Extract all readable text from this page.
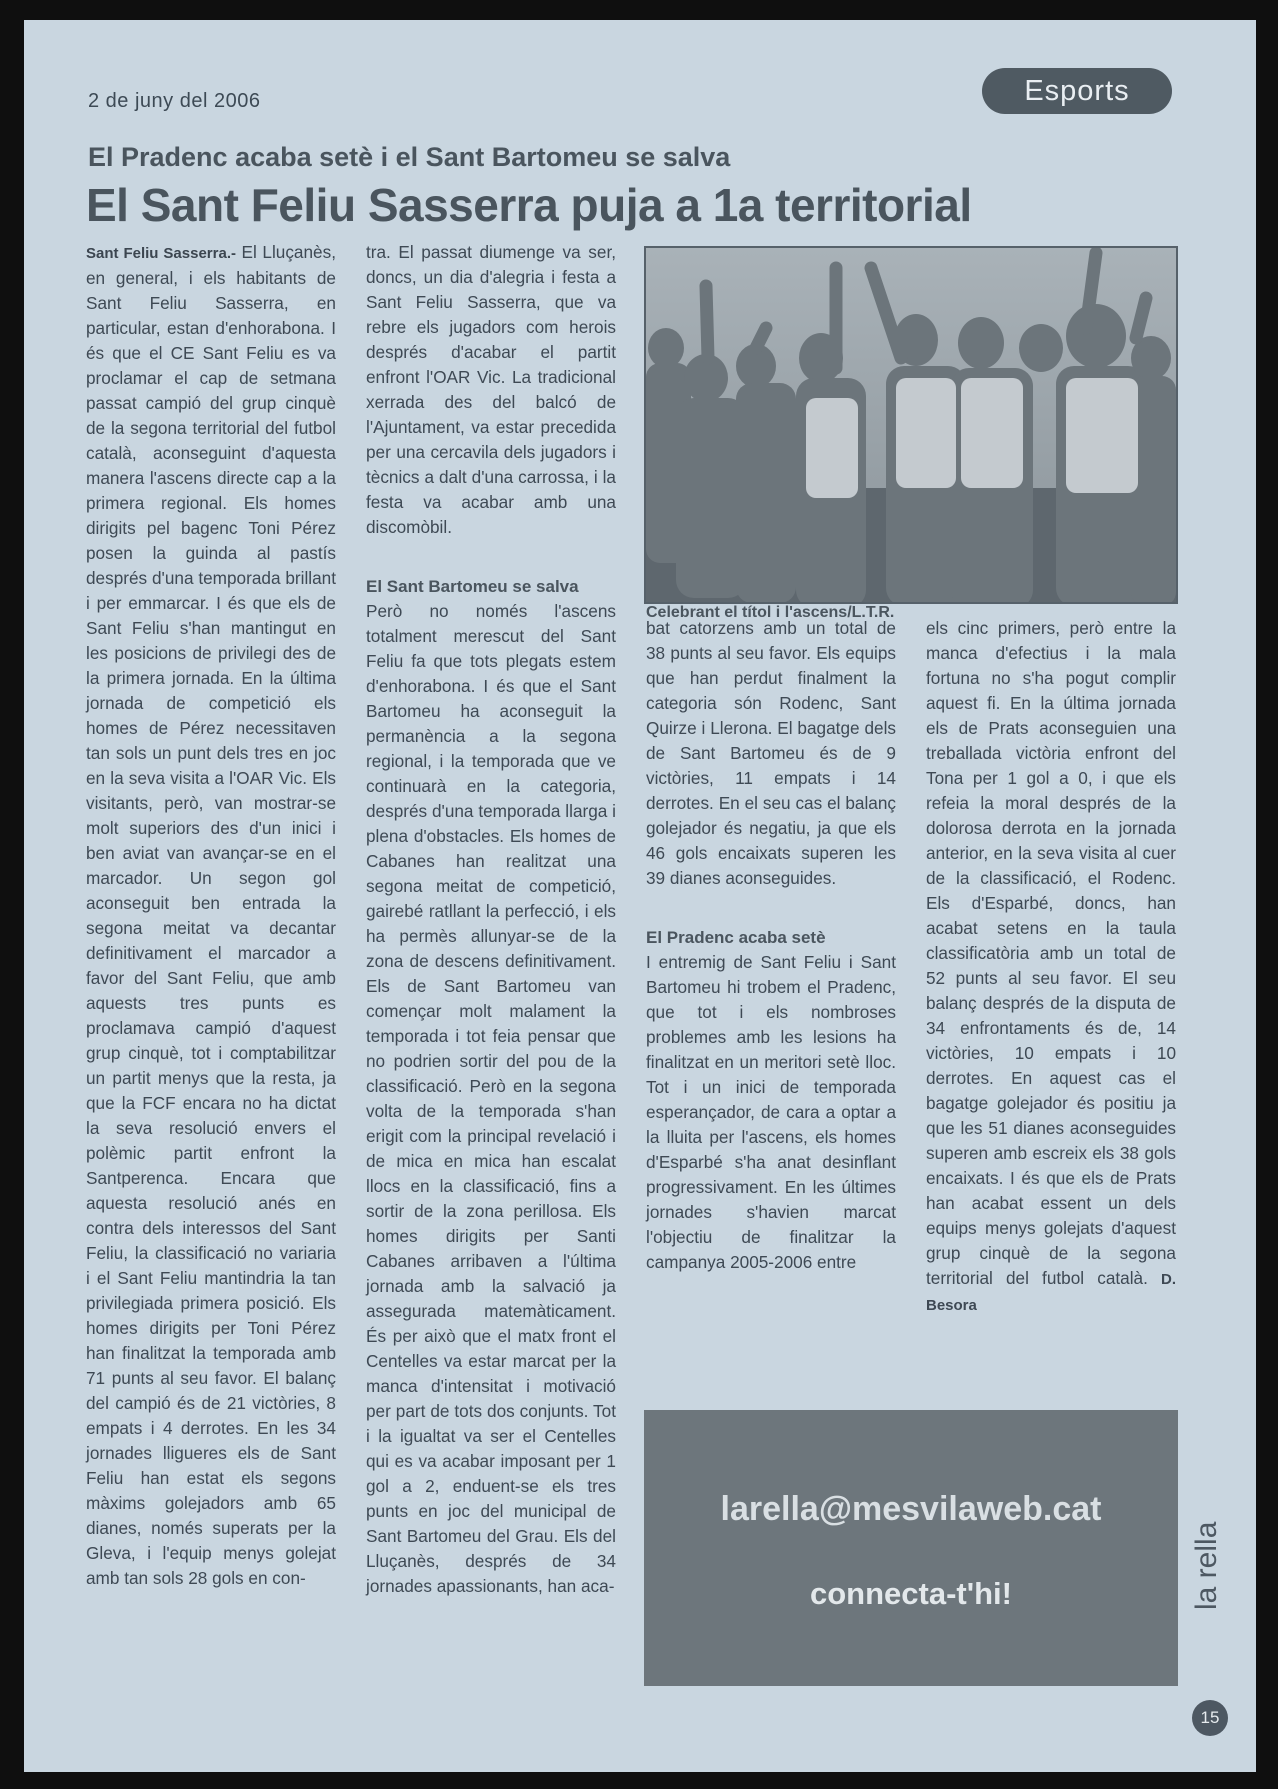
2 de juny del 2006	Esports
El Pradenc acaba setè i el Sant Bartomeu se salva
El Sant Feliu Sasserra puja a 1a territorial

Sant Feliu Sasserra.- El Lluçanès, en general, i els habitants de Sant Feliu Sasserra, en particular, estan d'enhorabona. I és que el CE Sant Feliu es va proclamar el cap de setmana passat campió del grup cinquè de la segona territorial del futbol català, aconseguint d'aquesta manera l'ascens directe cap a la primera regional. Els homes dirigits pel bagenc Toni Pérez posen la guinda al pastís després d'una temporada brillant i per emmarcar. I és que els de Sant Feliu s'han mantingut en les posicions de privilegi des de la primera jornada. En la última jornada de competició els homes de Pérez necessitaven tan sols un punt dels tres en joc en la seva visita a l'OAR Vic. Els visitants, però, van mostrar-se molt superiors des d'un inici i ben aviat van avançar-se en el marcador. Un segon gol aconseguit ben entrada la segona meitat va decantar definitivament el marcador a favor del Sant Feliu, que amb aquests tres punts es proclamava campió d'aquest grup cinquè, tot i comptabilitzar un partit menys que la resta, ja que la FCF encara no ha dictat la seva resolució envers el polèmic partit enfront la Santperenca. Encara que aquesta resolució anés en contra dels interessos del Sant Feliu, la classificació no variaria i el Sant Feliu mantindria la tan privilegiada primera posició. Els homes dirigits per Toni Pérez han finalitzat la temporada amb 71 punts al seu favor. El balanç del campió és de 21 victòries, 8 empats i 4 derrotes. En les 34 jornades lligueres els de Sant Feliu han estat els segons màxims golejadors amb 65 dianes, només superats per la Gleva, i l'equip menys golejat amb tan sols 28 gols en con-

tra. El passat diumenge va ser, doncs, un dia d'alegria i festa a Sant Feliu Sasserra, que va rebre els jugadors com herois després d'acabar el partit enfront l'OAR Vic. La tradicional xerrada des del balcó de l'Ajuntament, va estar precedida per una cercavila dels jugadors i tècnics a dalt d'una carrossa, i la festa va acabar amb una discomòbil.

El Sant Bartomeu se salva

Però no només l'ascens totalment merescut del Sant Feliu fa que tots plegats estem d'enhorabona. I és que el Sant Bartomeu ha aconseguit la permanència a la segona regional, i la temporada que ve continuarà en la categoria, després d'una temporada llarga i plena d'obstacles. Els homes de Cabanes han realitzat una segona meitat de competició, gairebé ratllant la perfecció, i els ha permès allunyar-se de la zona de descens definitivament. Els de Sant Bartomeu van començar molt malament la temporada i tot feia pensar que no podrien sortir del pou de la classificació. Però en la segona volta de la temporada s'han erigit com la principal revelació i de mica en mica han escalat llocs en la classificació, fins a sortir de la zona perillosa. Els homes dirigits per Santi Cabanes arribaven a l'última jornada amb la salvació ja assegurada matemàticament. És per això que el matx front el Centelles va estar marcat per la manca d'intensitat i motivació per part de tots dos conjunts. Tot i la igualtat va ser el Centelles qui es va acabar imposant per 1 gol a 2, enduent-se els tres punts en joc del municipal de Sant Bartomeu del Grau. Els del Lluçanès, després de 34 jornades apassionants, han aca-

Celebrant el títol i l'ascens/L.T.R.

bat catorzens amb un total de 38 punts al seu favor. Els equips que han perdut finalment la categoria són Rodenc, Sant Quirze i Llerona. El bagatge dels de Sant Bartomeu és de 9 victòries, 11 empats i 14 derrotes. En el seu cas el balanç golejador és negatiu, ja que els 46 gols encaixats superen les 39 dianes aconseguides.

El Pradenc acaba setè

I entremig de Sant Feliu i Sant Bartomeu hi trobem el Pradenc, que tot i els nombroses problemes amb les lesions ha finalitzat en un meritori setè lloc. Tot i un inici de temporada esperançador, de cara a optar a la lluita per l'ascens, els homes d'Esparbé s'ha anat desinflant progressivament. En les últimes jornades s'havien marcat l'objectiu de finalitzar la campanya 2005-2006 entre

els cinc primers, però entre la manca d'efectius i la mala fortuna no s'ha pogut complir aquest fi. En la última jornada els de Prats aconseguien una treballada victòria enfront del Tona per 1 gol a 0, i que els refeia la moral després de la dolorosa derrota en la jornada anterior, en la seva visita al cuer de la classificació, el Rodenc. Els d'Esparbé, doncs, han acabat setens en la taula classificatòria amb un total de 52 punts al seu favor. El seu balanç després de la disputa de 34 enfrontaments és de, 14 victòries, 10 empats i 10 derrotes. En aquest cas el bagatge golejador és positiu ja que les 51 dianes aconseguides superen amb escreix els 38 gols encaixats. I és que els de Prats han acabat essent un dels equips menys golejats d'aquest grup cinquè de la segona territorial del futbol català. D. Besora

larella@mesvilaweb.cat
connecta-t'hi!	la rella
15
